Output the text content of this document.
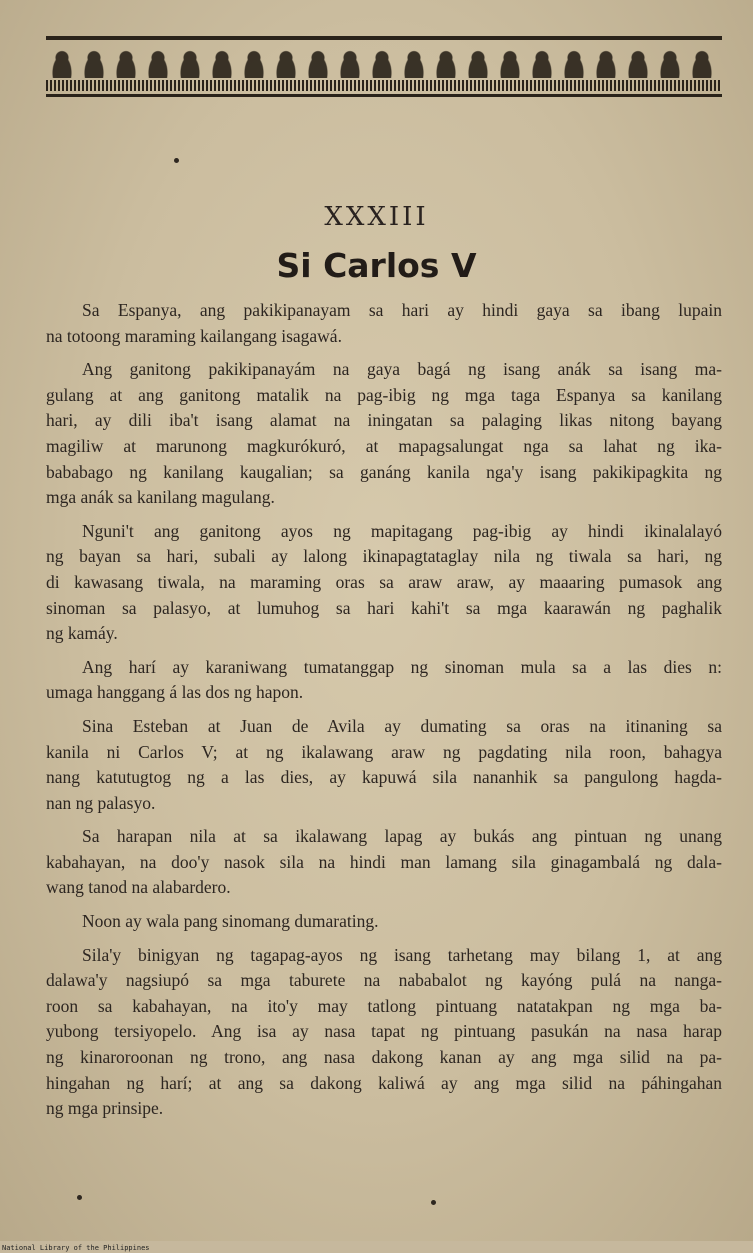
XXXIII
Si Carlos V
Sa Espanya, ang pakikipanayam sa hari ay hindi gaya sa ibang lupain
na totoong maraming kailangang isagawá.
Ang ganitong pakikipanayám na gaya bagá ng isang anák sa isang ma-
gulang at ang ganitong matalik na pag-ibig ng mga taga Espanya sa kanilang
hari, ay dili iba't isang alamat na iningatan sa palaging likas nitong bayang
magiliw at marunong magkurókuró, at mapagsalungat nga sa lahat ng ika-
bababago ng kanilang kaugalian; sa ganáng kanila nga'y isang pakikipagkita ng
mga anák sa kanilang magulang.
Nguni't ang ganitong ayos ng mapitagang pag-ibig ay hindi ikinalalayó
ng bayan sa hari, subali ay lalong ikinapagtataglay nila ng tiwala sa hari, ng
di kawasang tiwala, na maraming oras sa araw araw, ay maaaring pumasok ang
sinoman sa palasyo, at lumuhog sa hari kahi't sa mga kaarawán ng paghalik
ng kamáy.
Ang harí ay karaniwang tumatanggap ng sinoman mula sa a las dies n:
umaga hanggang á las dos ng hapon.
Sina Esteban at Juan de Avila ay dumating sa oras na itinaning sa
kanila ni Carlos V; at ng ikalawang araw ng pagdating nila roon, bahagya
nang katutugtog ng a las dies, ay kapuwá sila nananhik sa pangulong hagda-
nan ng palasyo.
Sa harapan nila at sa ikalawang lapag ay bukás ang pintuan ng unang
kabahayan, na doo'y nasok sila na hindi man lamang sila ginagambalá ng dala-
wang tanod na alabardero.
Noon ay wala pang sinomang dumarating.
Sila'y binigyan ng tagapag-ayos ng isang tarhetang may bilang 1, at ang
dalawa'y nagsiupó sa mga taburete na nababalot ng kayóng pulá na nanga-
roon sa kabahayan, na ito'y may tatlong pintuang natatakpan ng mga ba-
yubong tersiyopelo. Ang isa ay nasa tapat ng pintuang pasukán na nasa harap
ng kinaroroonan ng trono, ang nasa dakong kanan ay ang mga silid na pa-
hingahan ng harí; at ang sa dakong kaliwá ay ang mga silid na páhingahan
ng mga prinsipe.
National Library of the Philippines
